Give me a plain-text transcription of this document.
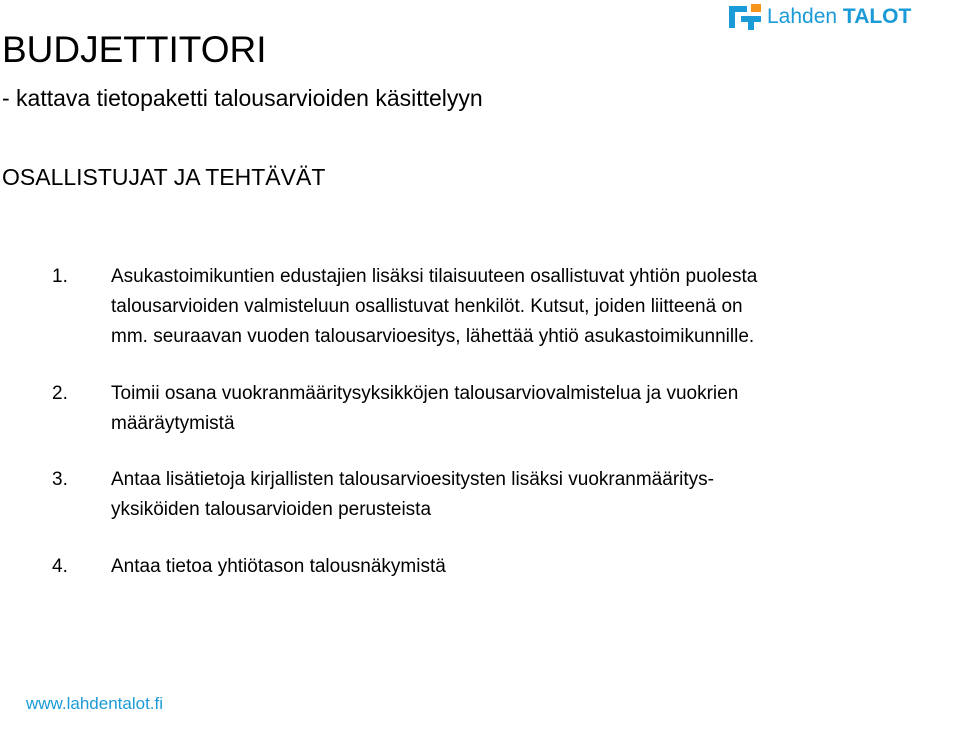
Lahden TALOT
BUDJETTITORI

- kattava tietopaketti talousarvioiden käsittelyyn

OSALLISTUJAT JA TEHTÄVÄT
1. Asukastoimikuntien edustajien lisäksi tilaisuuteen osallistuvat yhtiön puolesta
talousarvioiden valmisteluun osallistuvat henkilöt. Kutsut, joiden liitteenä on
mm. seuraavan vuoden talousarvioesitys, lähettää yhtiö asukastoimikunnille.
2. Toimii osana vuokranmääritysyksikköjen talousarviovalmistelua ja vuokrien
määräytymistä
3. Antaa lisätietoja kirjallisten talousarvioesitysten lisäksi vuokranmääritys-
yksiköiden talousarvioiden perusteista
4. Antaa tietoa yhtiötason talousnäkymistä
www.lahdentalot.fi
